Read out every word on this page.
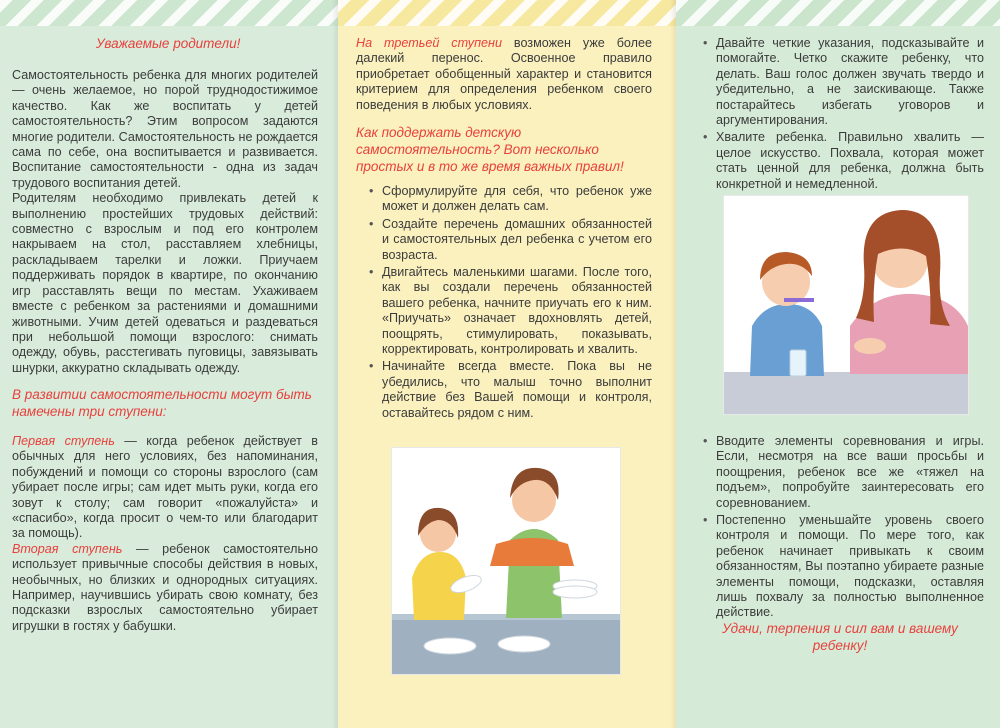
Уважаемые родители!

Самостоятельность ребенка для многих родителей — очень желаемое, но порой труднодостижимое качество. Как же воспитать у детей самостоятельность? Этим вопросом задаются многие родители. Самостоятельность не рождается сама по себе, она воспитывается и развивается. Воспитание самостоятельности - одна из задач трудового воспитания детей.

Родителям необходимо привлекать детей к выполнению простейших трудовых действий: совместно с взрослым и под его контролем накрываем на стол, расставляем хлебницы, раскладываем тарелки и ложки. Приучаем поддерживать порядок в квартире, по окончанию игр расставлять вещи по местам. Ухаживаем вместе с ребенком за растениями и домашними животными. Учим детей одеваться и раздеваться при небольшой помощи взрослого: снимать одежду, обувь, расстегивать пуговицы, завязывать шнурки, аккуратно складывать одежду.

В развитии самостоятельности могут быть намечены три ступени:

Первая ступень — когда ребенок действует в обычных для него условиях, без напоминания, побуждений и помощи со стороны взрослого (сам убирает после игры; сам идет мыть руки, когда его зовут к столу; сам говорит «пожалуйста» и «спасибо», когда просит о чем-то или благодарит за помощь).

Вторая ступень — ребенок самостоятельно использует привычные способы действия в новых, необычных, но близких и однородных ситуациях. Например, научившись убирать свою комнату, без подсказки взрослых самостоятельно убирает игрушки в гостях у бабушки.

На третьей ступени возможен уже более далекий перенос. Освоенное правило приобретает обобщенный характер и становится критерием для определения ребенком своего поведения в любых условиях.

Как поддержать детскую самостоятельность? Вот несколько простых и в то же время важных правил!
• Сформулируйте для себя, что ребенок уже может и должен делать сам.
• Создайте перечень домашних обязанностей и самостоятельных дел ребенка с учетом его возраста.
• Двигайтесь маленькими шагами. После того, как вы создали перечень обязанностей вашего ребенка, начните приучать его к ним. «Приучать» означает вдохновлять детей, поощрять, стимулировать, показывать, корректировать, контролировать и хвалить.
• Начинайте всегда вместе. Пока вы не убедились, что малыш точно выполнит действие без Вашей помощи и контроля, оставайтесь рядом с ним.
• Давайте четкие указания, подсказывайте и помогайте. Четко скажите ребенку, что делать. Ваш голос должен звучать твердо и убедительно, а не заискивающе. Также постарайтесь избегать уговоров и аргументирования.
• Хвалите ребенка. Правильно хвалить — целое искусство. Похвала, которая может стать ценной для ребенка, должна быть конкретной и немедленной.
• Вводите элементы соревнования и игры. Если, несмотря на все ваши просьбы и поощрения, ребенок все же «тяжел на подъем», попробуйте заинтересовать его соревнованием.
• Постепенно уменьшайте уровень своего контроля и помощи. По мере того, как ребенок начинает привыкать к своим обязанностям, Вы поэтапно убираете разные элементы помощи, подсказки, оставляя лишь похвалу за полностью выполненное действие.
Удачи, терпения и сил вам и вашему ребенку!
